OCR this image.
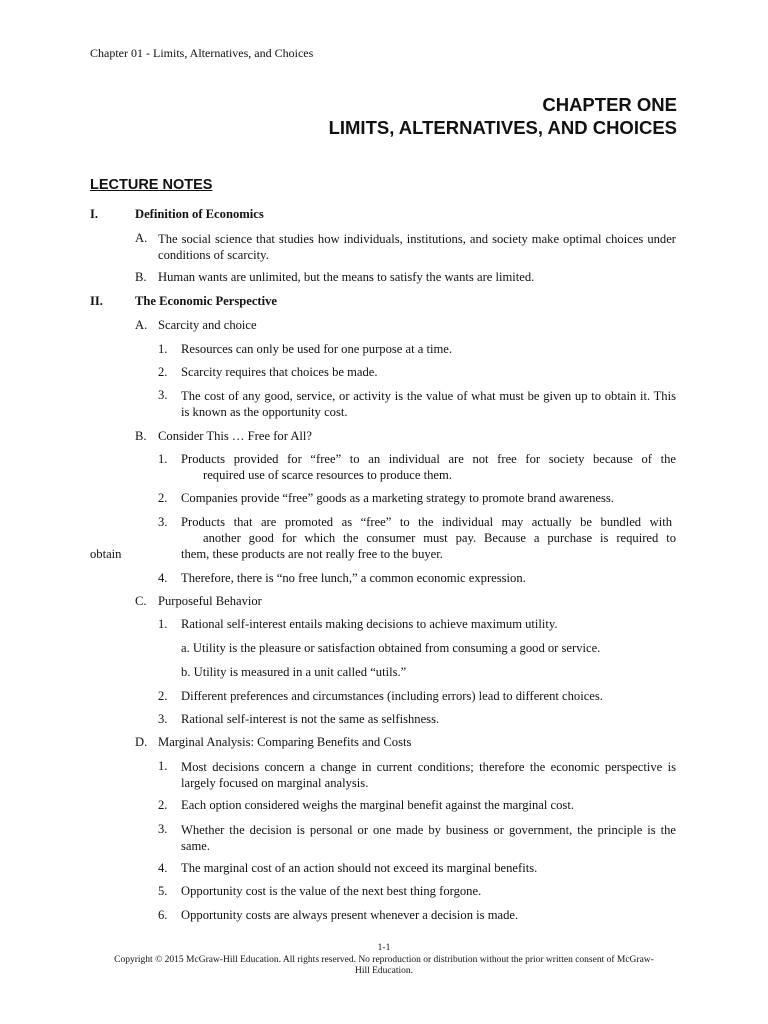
Chapter 01 - Limits, Alternatives, and Choices
CHAPTER ONE
LIMITS, ALTERNATIVES, AND CHOICES
LECTURE NOTES
I.	Definition of Economics
A. The social science that studies how individuals, institutions, and society make optimal choices under conditions of scarcity.
B. Human wants are unlimited, but the means to satisfy the wants are limited.
II.	The Economic Perspective
A. Scarcity and choice
1. Resources can only be used for one purpose at a time.
2. Scarcity requires that choices be made.
3. The cost of any good, service, or activity is the value of what must be given up to obtain it. This is known as the opportunity cost.
B. Consider This … Free for All?
1. Products provided for “free” to an individual are not free for society because of the
required use of scarce resources to produce them.
2. Companies provide “free” goods as a marketing strategy to promote brand awareness.
3. Products that are promoted as “free” to the individual may actually be bundled with
another good for which the consumer must pay. Because a purchase is required to
obtain	them, these products are not really free to the buyer.
4. Therefore, there is “no free lunch,” a common economic expression.
C. Purposeful Behavior
1. Rational self-interest entails making decisions to achieve maximum utility.
a. Utility is the pleasure or satisfaction obtained from consuming a good or service.
b. Utility is measured in a unit called “utils.”
2. Different preferences and circumstances (including errors) lead to different choices.
3. Rational self-interest is not the same as selfishness.
D. Marginal Analysis: Comparing Benefits and Costs
1. Most decisions concern a change in current conditions; therefore the economic perspective is largely focused on marginal analysis.
2. Each option considered weighs the marginal benefit against the marginal cost.
3. Whether the decision is personal or one made by business or government, the principle is the same.
4. The marginal cost of an action should not exceed its marginal benefits.
5. Opportunity cost is the value of the next best thing forgone.
6. Opportunity costs are always present whenever a decision is made.
1-1
Copyright © 2015 McGraw-Hill Education. All rights reserved. No reproduction or distribution without the prior written consent of McGraw-Hill Education.
